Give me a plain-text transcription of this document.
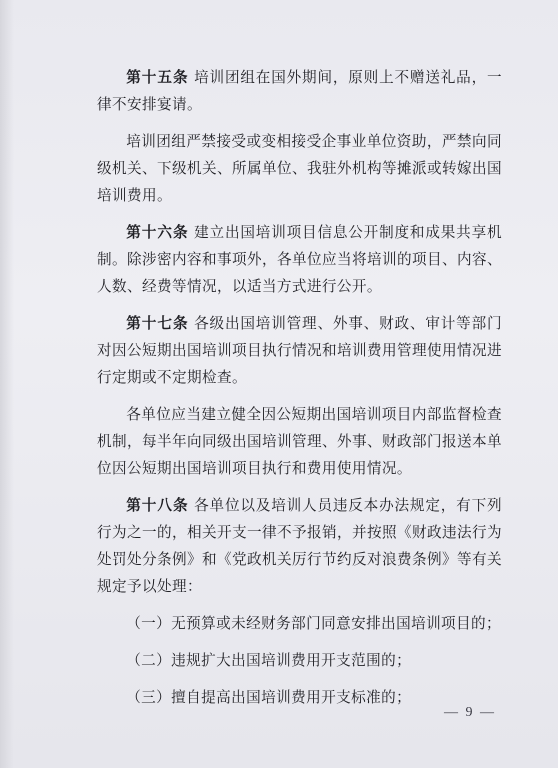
第十五条 培训团组在国外期间，原则上不赠送礼品，一律不安排宴请。

培训团组严禁接受或变相接受企事业单位资助，严禁向同级机关、下级机关、所属单位、我驻外机构等摊派或转嫁出国培训费用。

第十六条 建立出国培训项目信息公开制度和成果共享机制。除涉密内容和事项外，各单位应当将培训的项目、内容、人数、经费等情况，以适当方式进行公开。

第十七条 各级出国培训管理、外事、财政、审计等部门对因公短期出国培训项目执行情况和培训费用管理使用情况进行定期或不定期检查。

各单位应当建立健全因公短期出国培训项目内部监督检查机制，每半年向同级出国培训管理、外事、财政部门报送本单位因公短期出国培训项目执行和费用使用情况。

第十八条 各单位以及培训人员违反本办法规定，有下列行为之一的，相关开支一律不予报销，并按照《财政违法行为处罚处分条例》和《党政机关厉行节约反对浪费条例》等有关规定予以处理：

（一）无预算或未经财务部门同意安排出国培训项目的；

（二）违规扩大出国培训费用开支范围的；

（三）擅自提高出国培训费用开支标准的；

— 9 —
